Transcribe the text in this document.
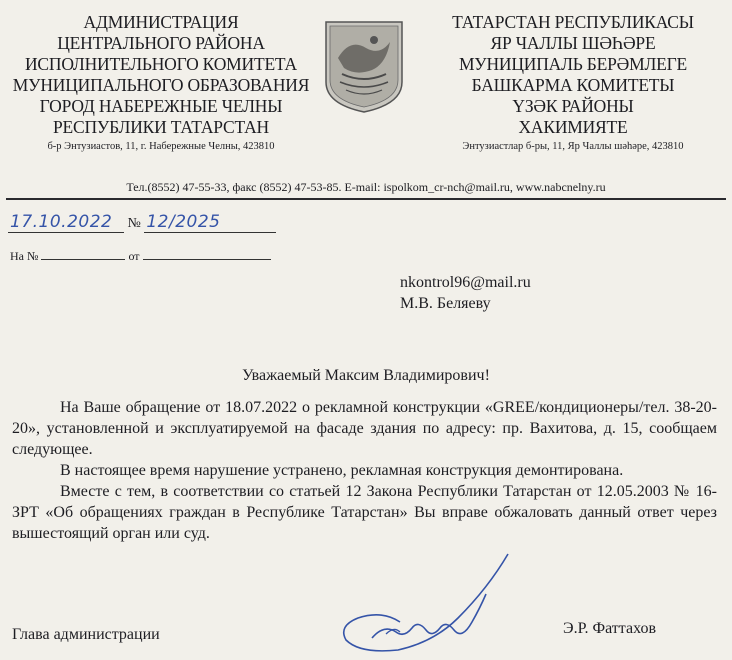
АДМИНИСТРАЦИЯ
ЦЕНТРАЛЬНОГО РАЙОНА
ИСПОЛНИТЕЛЬНОГО КОМИТЕТА
МУНИЦИПАЛЬНОГО ОБРАЗОВАНИЯ
ГОРОД НАБЕРЕЖНЫЕ ЧЕЛНЫ
РЕСПУБЛИКИ ТАТАРСТАН
б-р Энтузиастов, 11, г. Набережные Челны, 423810
ТАТАРСТАН РЕСПУБЛИКАСЫ
ЯР ЧАЛЛЫ ШӘҺӘРЕ
МУНИЦИПАЛЬ БЕРӘМЛЕГЕ
БАШКАРМА КОМИТЕТЫ
ҮЗӘК РАЙОНЫ
ХАКИМИЯТЕ
Энтузиастлар б-ры, 11, Яр Чаллы шәһәре, 423810
Тел.(8552) 47-55-33, факс (8552) 47-53-85. E-mail: ispolkom_cr-nch@mail.ru, www.nabcnelny.ru
17.10.2022 № 12/2025
На №	от
nkontrol96@mail.ru
М.В. Беляеву
Уважаемый Максим Владимирович!

На Ваше обращение от 18.07.2022 о рекламной конструкции «GREE/кондиционеры/тел. 38-20-20», установленной и эксплуатируемой на фасаде здания по адресу: пр. Вахитова, д. 15, сообщаем следующее.

В настоящее время нарушение устранено, рекламная конструкция демонтирована.

Вместе с тем, в соответствии со статьей 12 Закона Республики Татарстан от 12.05.2003 № 16-ЗРТ «Об обращениях граждан в Республике Татарстан» Вы вправе обжаловать данный ответ через вышестоящий орган или суд.

Глава администрации	Э.Р. Фаттахов
